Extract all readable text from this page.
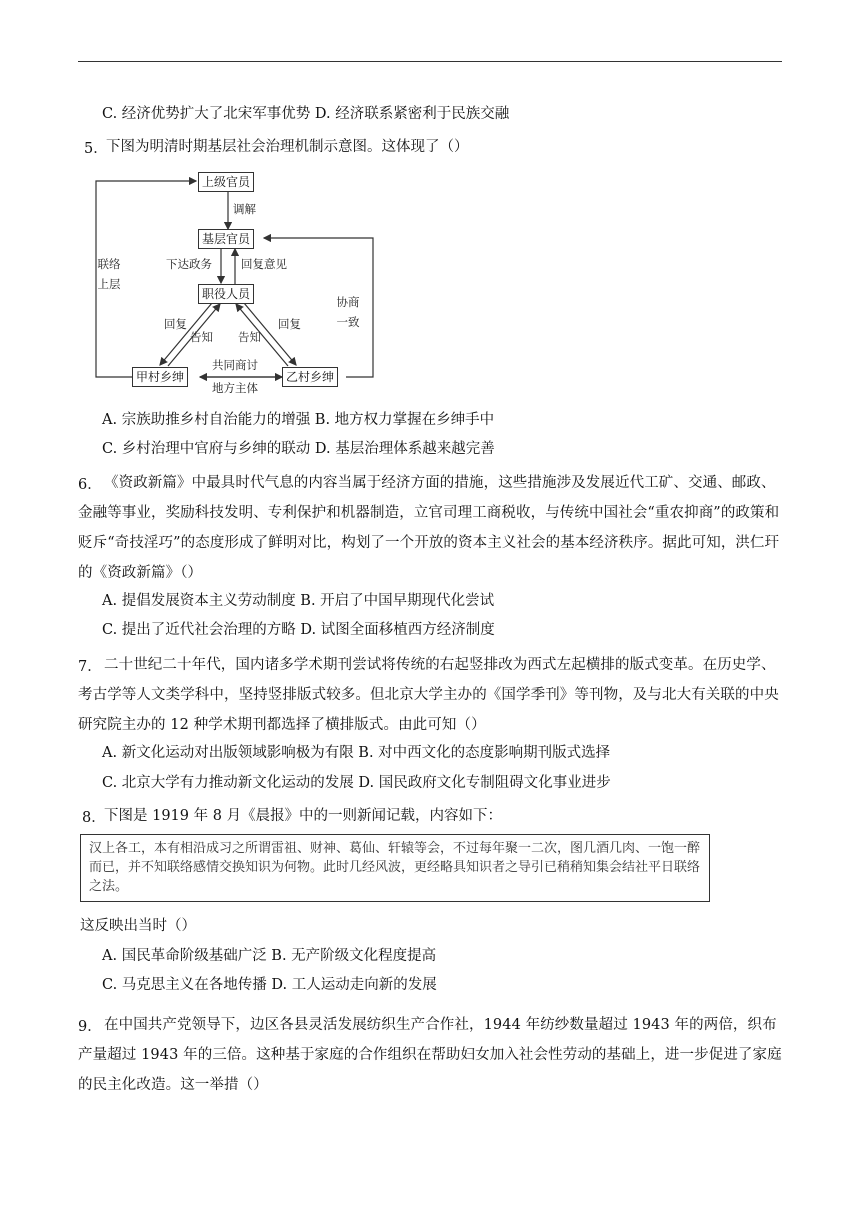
C. 经济优势扩大了北宋军事优势 D. 经济联系紧密利于民族交融
5．
下图为明清时期基层社会治理机制示意图。这体现了（）
上级官员
基层官员
职役人员
甲村乡绅	乙村乡绅
调解
下达政务	回复意见
联络上层
协商一致
回复	回复
告知 告知
共同商讨
地方主体
A. 宗族助推乡村自治能力的增强 B. 地方权力掌握在乡绅手中
C. 乡村治理中官府与乡绅的联动 D. 基层治理体系越来越完善
6． 《资政新篇》中最具时代气息的内容当属于经济方面的措施，这些措施涉及发展近代工矿、交通、邮政、金融等事业，奖励科技发明、专利保护和机器制造，立官司理工商税收，与传统中国社会“重农抑商”的政策和贬斥“奇技淫巧”的态度形成了鲜明对比，构划了一个开放的资本主义社会的基本经济秩序。据此可知，洪仁玕的《资政新篇》（）
A. 提倡发展资本主义劳动制度 B. 开启了中国早期现代化尝试
C. 提出了近代社会治理的方略 D. 试图全面移植西方经济制度
7． 二十世纪二十年代，国内诸多学术期刊尝试将传统的右起竖排改为西式左起横排的版式变革。在历史学、考古学等人文类学科中，坚持竖排版式较多。但北京大学主办的《国学季刊》等刊物，及与北大有关联的中央研究院主办的 12 种学术期刊都选择了横排版式。由此可知（）
A. 新文化运动对出版领域影响极为有限 B. 对中西文化的态度影响期刊版式选择
C. 北京大学有力推动新文化运动的发展 D. 国民政府文化专制阻碍文化事业进步
8．
下图是 1919 年 8 月《晨报》中的一则新闻记载，内容如下：
汉上各工，本有相沿成习之所谓雷祖、财神、葛仙、轩辕等会，不过每年聚一二次，图几酒几肉、一饱一醉而已，并不知联络感情交换知识为何物。此时几经风波，更经略具知识者之导引已稍稍知集会结社平日联络之法。
这反映出当时（）
A. 国民革命阶级基础广泛 B. 无产阶级文化程度提高
C. 马克思主义在各地传播 D. 工人运动走向新的发展
9． 在中国共产党领导下，边区各县灵活发展纺织生产合作社，1944 年纺纱数量超过 1943 年的两倍，织布产量超过 1943 年的三倍。这种基于家庭的合作组织在帮助妇女加入社会性劳动的基础上，进一步促进了家庭的民主化改造。这一举措（）
